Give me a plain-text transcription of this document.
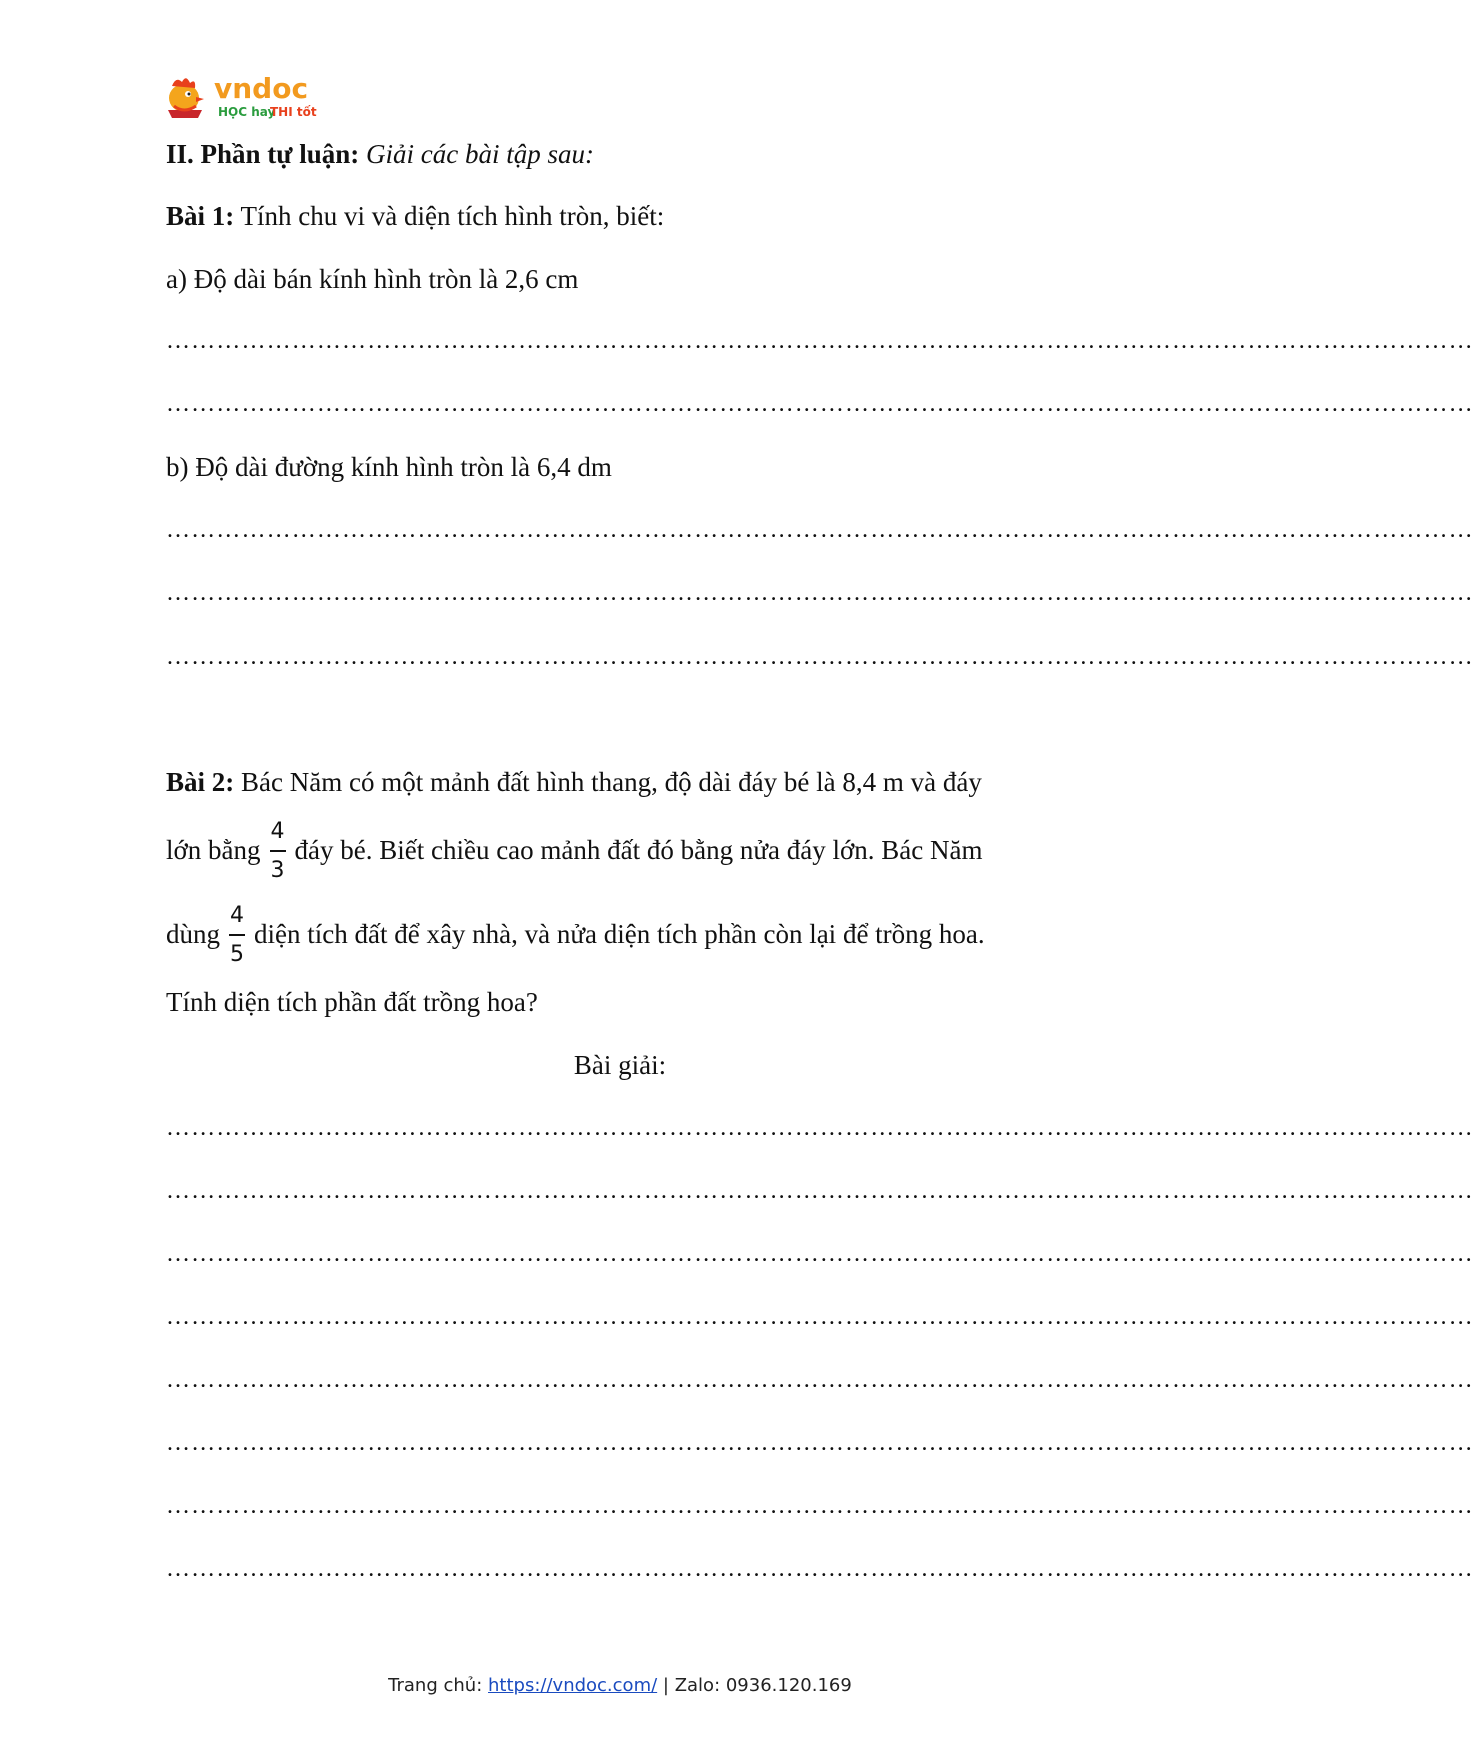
vndoc
HỌC hay
THI tốt
II. Phần tự luận: Giải các bài tập sau:
Bài 1: Tính chu vi và diện tích hình tròn, biết:
a) Độ dài bán kính hình tròn là 2,6 cm
…………………………………………………………………………………………………………………………………………
…………………………………………………………………………………………………………………………………………
b) Độ dài đường kính hình tròn là 6,4 dm
…………………………………………………………………………………………………………………………………………
…………………………………………………………………………………………………………………………………………
…………………………………………………………………………………………………………………………………………
Bài 2: Bác Năm có một mảnh đất hình thang, độ dài đáy bé là 8,4 m và đáy
lớn bằng $\frac{4}{3}$ đáy bé. Biết chiều cao mảnh đất đó bằng nửa đáy lớn. Bác Năm
dùng $\frac{4}{5}$ diện tích đất để xây nhà, và nửa diện tích phần còn lại để trồng hoa.
Tính diện tích phần đất trồng hoa?
Bài giải:
…………………………………………………………………………………………………………………………………………
…………………………………………………………………………………………………………………………………………
…………………………………………………………………………………………………………………………………………
…………………………………………………………………………………………………………………………………………
…………………………………………………………………………………………………………………………………………
…………………………………………………………………………………………………………………………………………
…………………………………………………………………………………………………………………………………………
…………………………………………………………………………………………………………………………………………
Trang chủ: https://vndoc.com/ | Zalo: 0936.120.169
